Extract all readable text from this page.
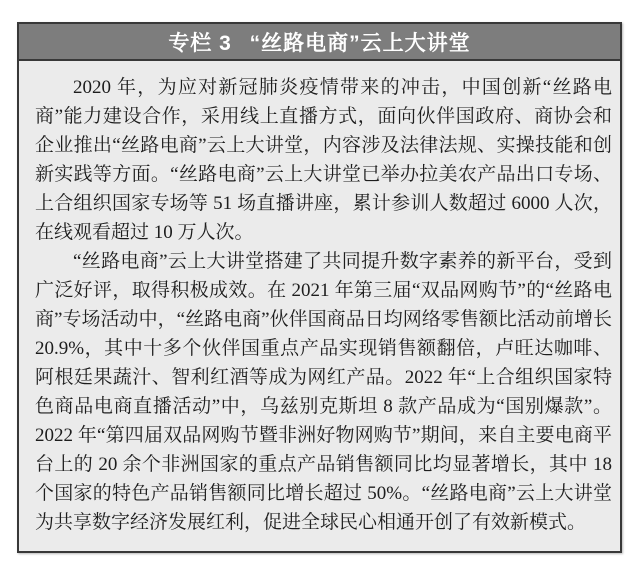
专栏 3 “丝路电商”云上大讲堂

2020 年，为应对新冠肺炎疫情带来的冲击，中国创新“丝路电商”能力建设合作，采用线上直播方式，面向伙伴国政府、商协会和企业推出“丝路电商”云上大讲堂，内容涉及法律法规、实操技能和创新实践等方面。“丝路电商”云上大讲堂已举办拉美农产品出口专场、上合组织国家专场等 51 场直播讲座，累计参训人数超过 6000 人次，在线观看超过 10 万人次。

“丝路电商”云上大讲堂搭建了共同提升数字素养的新平台，受到广泛好评，取得积极成效。在 2021 年第三届“双品网购节”的“丝路电商”专场活动中，“丝路电商”伙伴国商品日均网络零售额比活动前增长 20.9%，其中十多个伙伴国重点产品实现销售额翻倍，卢旺达咖啡、阿根廷果蔬汁、智利红酒等成为网红产品。2022 年“上合组织国家特色商品电商直播活动”中，乌兹别克斯坦 8 款产品成为“国别爆款”。2022 年“第四届双品网购节暨非洲好物网购节”期间，来自主要电商平台上的 20 余个非洲国家的重点产品销售额同比均显著增长，其中 18 个国家的特色产品销售额同比增长超过 50%。“丝路电商”云上大讲堂为共享数字经济发展红利，促进全球民心相通开创了有效新模式。
